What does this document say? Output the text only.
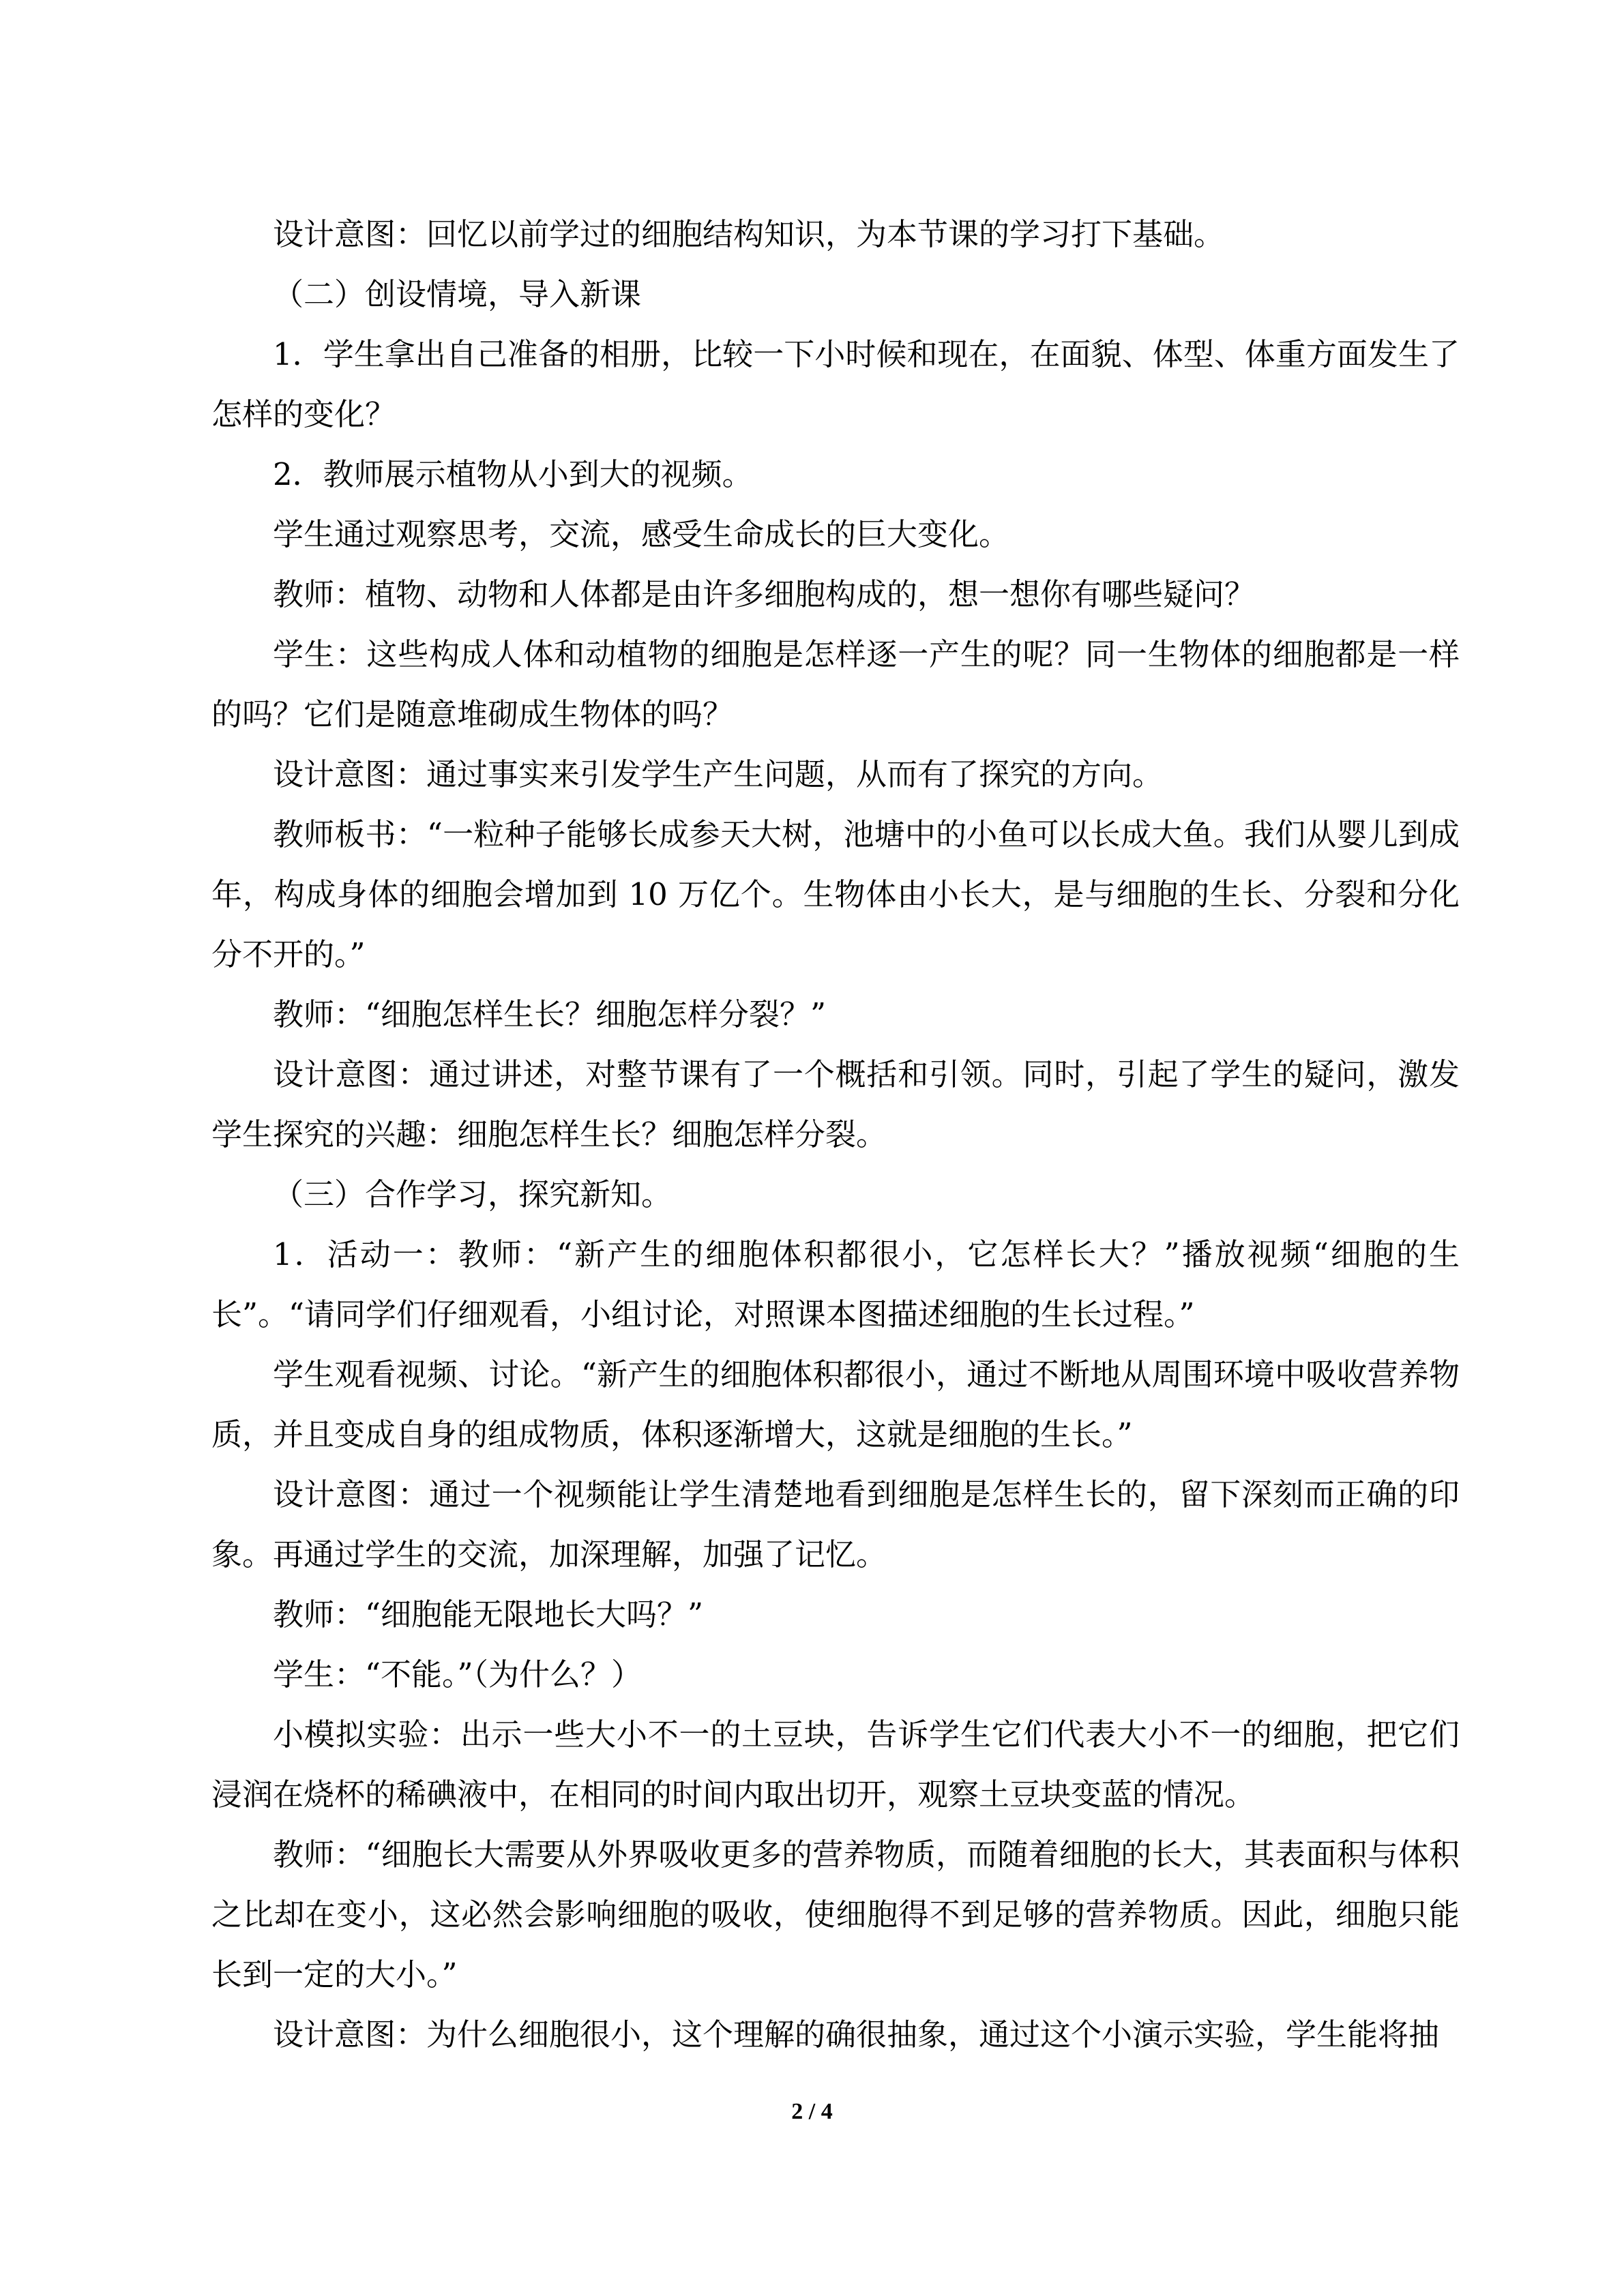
设计意图：回忆以前学过的细胞结构知识，为本节课的学习打下基础。

（二）创设情境，导入新课

1．学生拿出自己准备的相册，比较一下小时候和现在，在面貌、体型、体重方面发生了怎样的变化？

2．教师展示植物从小到大的视频。

学生通过观察思考，交流，感受生命成长的巨大变化。

教师：植物、动物和人体都是由许多细胞构成的，想一想你有哪些疑问？

学生：这些构成人体和动植物的细胞是怎样逐一产生的呢？同一生物体的细胞都是一样的吗？它们是随意堆砌成生物体的吗？

设计意图：通过事实来引发学生产生问题，从而有了探究的方向。

教师板书：“一粒种子能够长成参天大树，池塘中的小鱼可以长成大鱼。我们从婴儿到成年，构成身体的细胞会增加到 10 万亿个。生物体由小长大，是与细胞的生长、分裂和分化分不开的。”

教师：“细胞怎样生长？细胞怎样分裂？”

设计意图：通过讲述，对整节课有了一个概括和引领。同时，引起了学生的疑问，激发学生探究的兴趣：细胞怎样生长？细胞怎样分裂。

（三）合作学习，探究新知。

1．活动一：教师：“新产生的细胞体积都很小，它怎样长大？”播放视频“细胞的生长”。“请同学们仔细观看，小组讨论，对照课本图描述细胞的生长过程。”

学生观看视频、讨论。“新产生的细胞体积都很小，通过不断地从周围环境中吸收营养物质，并且变成自身的组成物质，体积逐渐增大，这就是细胞的生长。”

设计意图：通过一个视频能让学生清楚地看到细胞是怎样生长的，留下深刻而正确的印象。再通过学生的交流，加深理解，加强了记忆。

教师：“细胞能无限地长大吗？”

学生：“不能。”（为什么？）

小模拟实验：出示一些大小不一的土豆块，告诉学生它们代表大小不一的细胞，把它们浸润在烧杯的稀碘液中，在相同的时间内取出切开，观察土豆块变蓝的情况。

教师：“细胞长大需要从外界吸收更多的营养物质，而随着细胞的长大，其表面积与体积之比却在变小，这必然会影响细胞的吸收，使细胞得不到足够的营养物质。因此，细胞只能长到一定的大小。”

设计意图：为什么细胞很小，这个理解的确很抽象，通过这个小演示实验，学生能将抽

2 / 4
